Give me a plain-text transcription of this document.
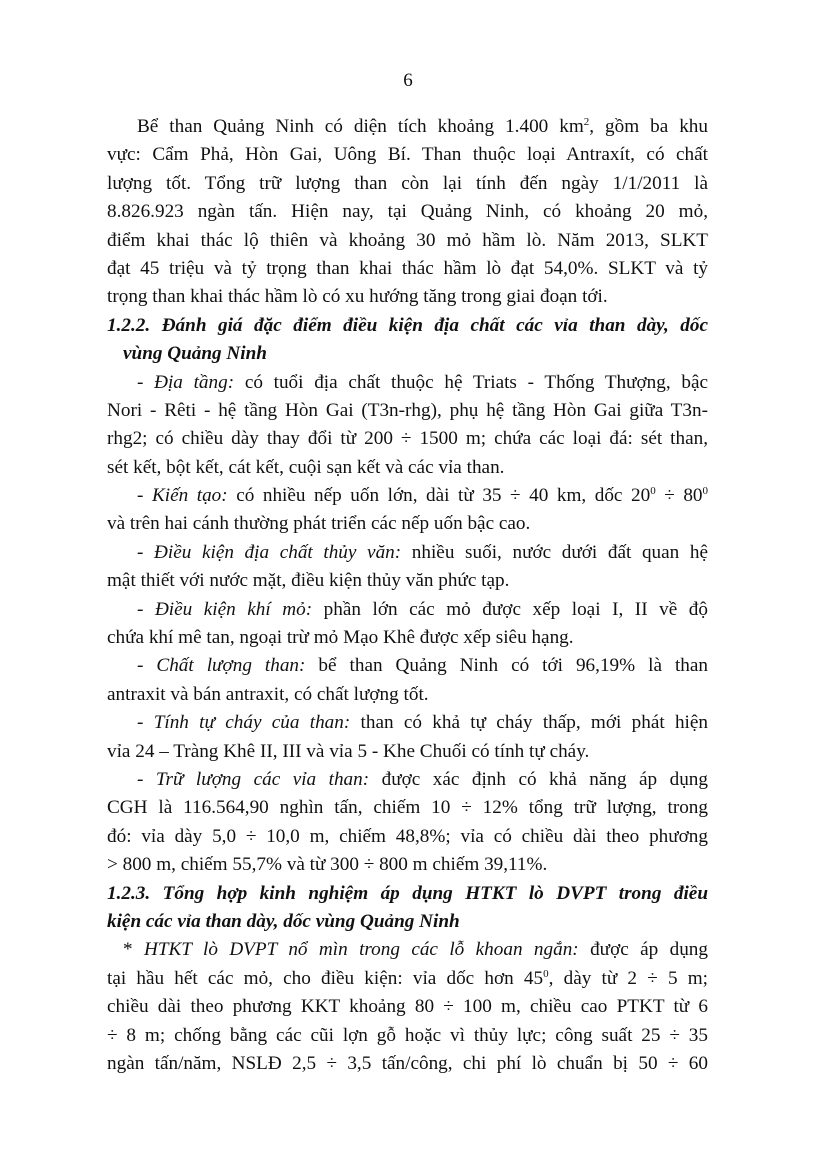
6
Bể than Quảng Ninh có diện tích khoảng 1.400 $km^2$, gồm ba khu
vực: Cẩm Phả, Hòn Gai, Uông Bí. Than thuộc loại Antraxít, có chất
lượng tốt. Tổng trữ lượng than còn lại tính đến ngày 1/1/2011 là
8.826.923 ngàn tấn. Hiện nay, tại Quảng Ninh, có khoảng 20 mỏ,
điểm khai thác lộ thiên và khoảng 30 mỏ hầm lò. Năm 2013, SLKT
đạt 45 triệu và tỷ trọng than khai thác hầm lò đạt 54,0%. SLKT và tỷ
trọng than khai thác hầm lò có xu hướng tăng trong giai đoạn tới.
1.2.2. Đánh giá đặc điểm điều kiện địa chất các vỉa than dày, dốc
vùng Quảng Ninh
- Địa tầng: có tuổi địa chất thuộc hệ Triats - Thống Thượng, bậc
Nori - Rêti - hệ tầng Hòn Gai (T3n-rhg), phụ hệ tầng Hòn Gai giữa T3n-
rhg2; có chiều dày thay đổi từ 200 ÷ 1500 m; chứa các loại đá: sét than,
sét kết, bột kết, cát kết, cuội sạn kết và các vỉa than.
- Kiến tạo: có nhiều nếp uốn lớn, dài từ 35 ÷ 40 km, dốc $20^0 \div 80^0$
và trên hai cánh thường phát triển các nếp uốn bậc cao.
- Điều kiện địa chất thủy văn: nhiều suối, nước dưới đất quan hệ
mật thiết với nước mặt, điều kiện thủy văn phức tạp.
- Điều kiện khí mỏ: phần lớn các mỏ được xếp loại I, II về độ
chứa khí mê tan, ngoại trừ mỏ Mạo Khê được xếp siêu hạng.
- Chất lượng than: bể than Quảng Ninh có tới 96,19% là than
antraxit và bán antraxit, có chất lượng tốt.
- Tính tự cháy của than: than có khả tự cháy thấp, mới phát hiện
vỉa 24 – Tràng Khê II, III và vỉa 5 - Khe Chuối có tính tự cháy.
- Trữ lượng các vỉa than: được xác định có khả năng áp dụng
CGH là 116.564,90 nghìn tấn, chiếm 10 ÷ 12% tổng trữ lượng, trong
đó: vỉa dày 5,0 ÷ 10,0 m, chiếm 48,8%; vỉa có chiều dài theo phương
> 800 m, chiếm 55,7% và từ 300 ÷ 800 m chiếm 39,11%.
1.2.3. Tổng hợp kinh nghiệm áp dụng HTKT lò DVPT trong điều
kiện các vỉa than dày, dốc vùng Quảng Ninh
* HTKT lò DVPT nổ mìn trong các lỗ khoan ngắn: được áp dụng
tại hầu hết các mỏ, cho điều kiện: vỉa dốc hơn $45^0$, dày từ 2 ÷ 5 m;
chiều dài theo phương KKT khoảng 80 ÷ 100 m, chiều cao PTKT từ 6
÷ 8 m; chống bằng các cũi lợn gỗ hoặc vì thủy lực; công suất 25 ÷ 35
ngàn tấn/năm, NSLĐ 2,5 ÷ 3,5 tấn/công, chi phí lò chuẩn bị 50 ÷ 60
